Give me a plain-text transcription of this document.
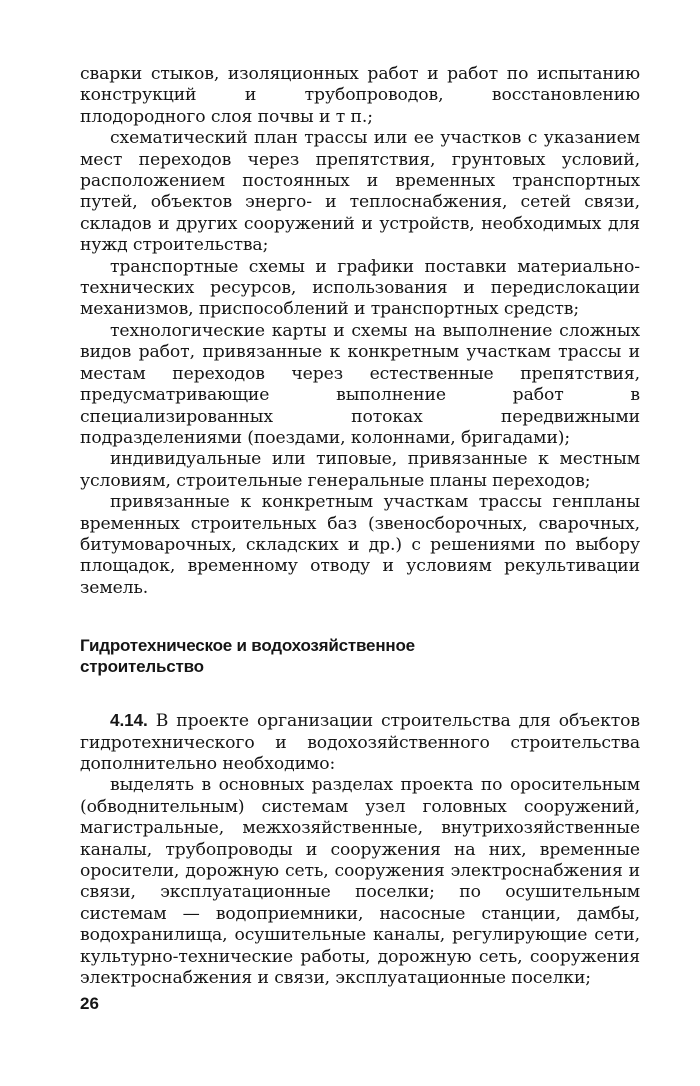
сварки стыков, изоляционных работ и работ по испытанию конструкций и трубопроводов, восстановлению плодородного слоя почвы и т п.;

схематический план трассы или ее участков с указанием мест переходов через препятствия, грунтовых условий, расположением постоянных и временных транспортных путей, объектов энерго- и теплоснабжения, сетей связи, складов и других сооружений и устройств, необходимых для нужд строительства;

транспортные схемы и графики поставки материально-технических ресурсов, использования и передислокации механизмов, приспособлений и транспортных средств;

технологические карты и схемы на выполнение сложных видов работ, привязанные к конкретным участкам трассы и местам переходов через естественные препятствия, предусматривающие выполнение работ в специализированных потоках передвижными подразделениями (поездами, колоннами, бригадами);

индивидуальные или типовые, привязанные к местным условиям, строительные генеральные планы переходов;

привязанные к конкретным участкам трассы генпланы временных строительных баз (звеносборочных, сварочных, битумоварочных, складских и др.) с решениями по выбору площадок, временному отводу и условиям рекультивации земель.

Гидротехническое и водохозяйственное
строительство

4.14. В проекте организации строительства для объектов гидротехнического и водохозяйственного строительства дополнительно необходимо:

выделять в основных разделах проекта по оросительным (обводнительным) системам узел головных сооружений, магистральные, межхозяйственные, внутрихозяйственные каналы, трубопроводы и сооружения на них, временные оросители, дорожную сеть, сооружения электроснабжения и связи, эксплуатационные поселки; по осушительным системам — водоприемники, насосные станции, дамбы, водохранилища, осушительные каналы, регулирующие сети, культурно-технические работы, дорожную сеть, сооружения электроснабжения и связи, эксплуатационные поселки;

26
